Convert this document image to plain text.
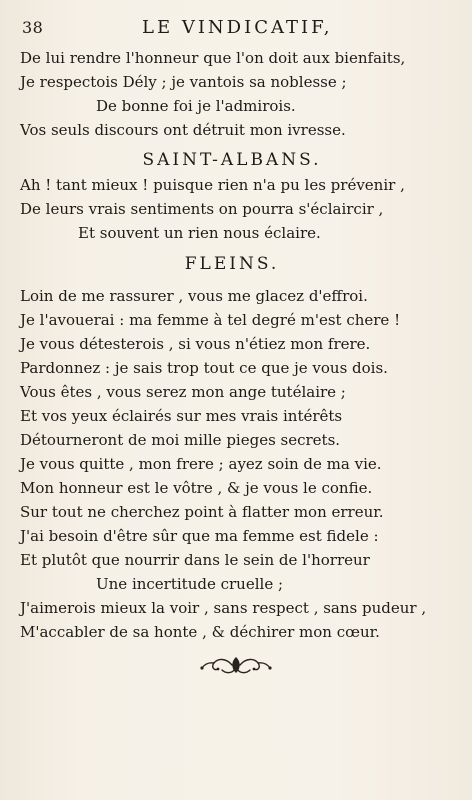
38	LE VINDICATIF,
De lui rendre l'honneur que l'on doit aux bienfaits,
Je respectois Dély ; je vantois sa noblesse ;
De bonne foi je l'admirois.
Vos seuls discours ont détruit mon ivresse.
SAINT-ALBANS.
Ah ! tant mieux ! puisque rien n'a pu les prévenir ,
De leurs vrais sentiments on pourra s'éclaircir ,
Et souvent un rien nous éclaire.
FLEINS.
Loin de me rassurer , vous me glacez d'effroi.
Je l'avouerai : ma femme à tel degré m'est chere !
Je vous détesterois , si vous n'étiez mon frere.
Pardonnez : je sais trop tout ce que je vous dois.
Vous êtes , vous serez mon ange tutélaire ;
Et vos yeux éclairés sur mes vrais intérêts
Détourneront de moi mille pieges secrets.
Je vous quitte , mon frere ; ayez soin de ma vie.
Mon honneur est le vôtre , & je vous le confie.
Sur tout ne cherchez point à flatter mon erreur.
J'ai besoin d'être sûr que ma femme est fidele :
Et plutôt que nourrir dans le sein de l'horreur
Une incertitude cruelle ;
J'aimerois mieux la voir , sans respect , sans pudeur ,
M'accabler de sa honte , & déchirer mon cœur.
